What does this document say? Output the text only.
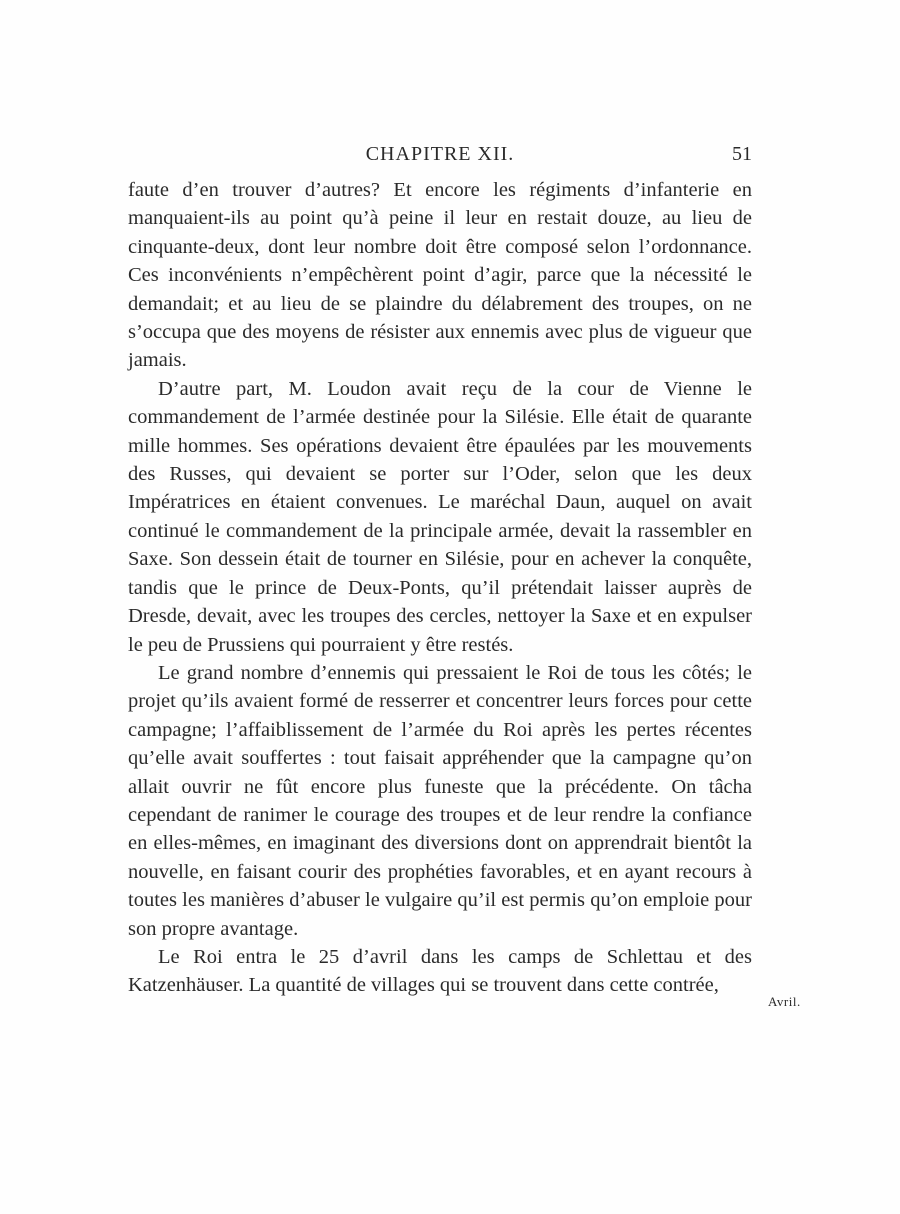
CHAPITRE XII.	51

faute d’en trouver d’autres? Et encore les régiments d’infanterie en manquaient-ils au point qu’à peine il leur en restait douze, au lieu de cinquante-deux, dont leur nombre doit être composé selon l’ordonnance. Ces inconvénients n’empêchèrent point d’agir, parce que la nécessité le demandait; et au lieu de se plaindre du délabrement des troupes, on ne s’occupa que des moyens de résister aux ennemis avec plus de vigueur que jamais.

D’autre part, M. Loudon avait reçu de la cour de Vienne le commandement de l’armée destinée pour la Silésie. Elle était de quarante mille hommes. Ses opérations devaient être épaulées par les mouvements des Russes, qui devaient se porter sur l’Oder, selon que les deux Impératrices en étaient convenues. Le maréchal Daun, auquel on avait continué le commandement de la principale armée, devait la rassembler en Saxe. Son dessein était de tourner en Silésie, pour en achever la conquête, tandis que le prince de Deux-Ponts, qu’il prétendait laisser auprès de Dresde, devait, avec les troupes des cercles, nettoyer la Saxe et en expulser le peu de Prussiens qui pourraient y être restés.

Le grand nombre d’ennemis qui pressaient le Roi de tous les côtés; le projet qu’ils avaient formé de resserrer et concentrer leurs forces pour cette campagne; l’affaiblissement de l’armée du Roi après les pertes récentes qu’elle avait souffertes : tout faisait appréhender que la campagne qu’on allait ouvrir ne fût encore plus funeste que la précédente. On tâcha cependant de ranimer le courage des troupes et de leur rendre la confiance en elles-mêmes, en imaginant des diversions dont on apprendrait bientôt la nouvelle, en faisant courir des prophéties favorables, et en ayant recours à toutes les manières d’abuser le vulgaire qu’il est permis qu’on emploie pour son propre avantage.

Le Roi entra le 25 d’avril dans les camps de Schlettau et des Katzenhäuser. La quantité de villages qui se trouvent dans cette contrée,

Avril.
